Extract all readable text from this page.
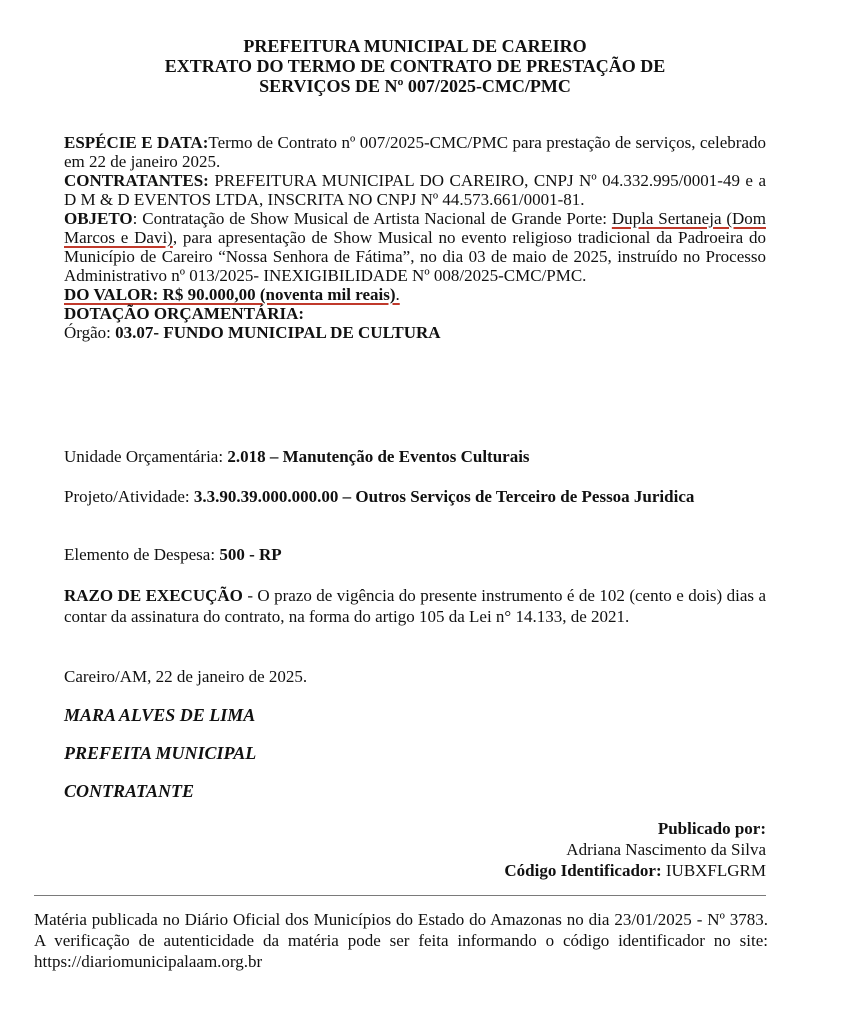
PREFEITURA MUNICIPAL DE CAREIRO
EXTRATO DO TERMO DE CONTRATO DE PRESTAÇÃO DE
SERVIÇOS DE Nº 007/2025-CMC/PMC

ESPÉCIE E DATA:Termo de Contrato nº 007/2025-CMC/PMC para prestação de serviços, celebrado em 22 de janeiro 2025.

CONTRATANTES: PREFEITURA MUNICIPAL DO CAREIRO, CNPJ Nº 04.332.995/0001-49 e a D M & D EVENTOS LTDA, INSCRITA NO CNPJ Nº 44.573.661/0001-81.

OBJETO: Contratação de Show Musical de Artista Nacional de Grande Porte: Dupla Sertaneja (Dom Marcos e Davi), para apresentação de Show Musical no evento religioso tradicional da Padroeira do Município de Careiro “Nossa Senhora de Fátima”, no dia 03 de maio de 2025, instruído no Processo Administrativo nº 013/2025- INEXIGIBILIDADE Nº 008/2025-CMC/PMC.

DO VALOR: R$ 90.000,00 (noventa mil reais).

DOTAÇÃO ORÇAMENTÁRIA:

Órgão: 03.07- FUNDO MUNICIPAL DE CULTURA

Unidade Orçamentária: 2.018 – Manutenção de Eventos Culturais
Projeto/Atividade: 3.3.90.39.000.000.00 – Outros Serviços de Terceiro de Pessoa Juridica
Elemento de Despesa: 500 - RP
RAZO DE EXECUÇÃO - O prazo de vigência do presente instrumento é de 102 (cento e dois) dias a contar da assinatura do contrato, na forma do artigo 105 da Lei n° 14.133, de 2021.
Careiro/AM, 22 de janeiro de 2025.
MARA ALVES DE LIMA
PREFEITA MUNICIPAL
CONTRATANTE
Publicado por:
Adriana Nascimento da Silva
Código Identificador: IUBXFLGRM
Matéria publicada no Diário Oficial dos Municípios do Estado do Amazonas no dia 23/01/2025 - Nº 3783. A verificação de autenticidade da matéria pode ser feita informando o código identificador no site: https://diariomunicipalaam.org.br
